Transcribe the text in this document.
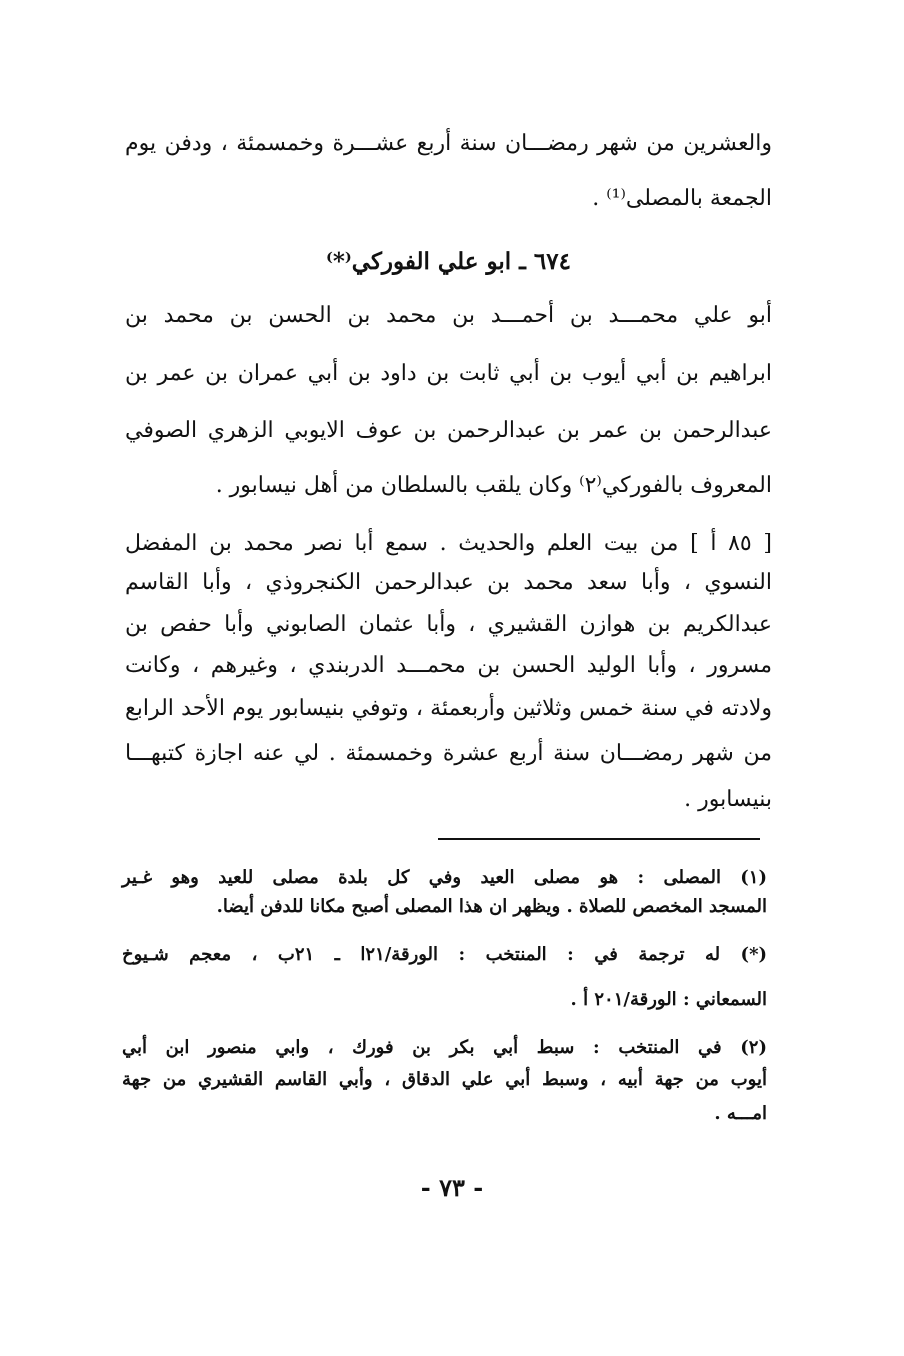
والعشرين من شهر رمضـــان سنة أربع عشـــرة وخمسمئة ، ودفن يوم
الجمعة بالمصلى⁽¹⁾ .
٦٧٤ ـ ابو علي الفوركي⁽*⁾
أبو علي محمـــد بن أحمـــد بن محمد بن الحسن بن محمد بن
ابراهيم بن أبي أيوب بن أبي ثابت بن داود بن أبي عمران بن عمر بن
عبدالرحمن بن عمر بن عبدالرحمن بن عوف الايوبي الزهري الصوفي
المعروف بالفوركي⁽٢⁾ وكان يلقب بالسلطان من أهل نيسابور .
[ ٨٥ أ ] من بيت العلم والحديث . سمع أبا نصر محمد بن المفضل
النسوي ، وأبا سعد محمد بن عبدالرحمن الكنجروذي ، وأبا القاسم
عبدالكريم بن هوازن القشيري ، وأبا عثمان الصابوني وأبا حفص بن
مسرور ، وأبا الوليد الحسن بن محمـــد الدربندي ، وغيرهم ، وكانت
ولادته في سنة خمس وثلاثين وأربعمئة ، وتوفي بنيسابور يوم الأحد الرابع
من شهر رمضـــان سنة أربع عشرة وخمسمئة . لي عنه اجازة كتبهـــا
بنيسابور .
(١) المصلى : هو مصلى العيد وفي كل بلدة مصلى للعيد وهو غـير
المسجد المخصص للصلاة . ويظهر ان هذا المصلى أصبح مكانا للدفن أيضا.
(*) له ترجمة في : المنتخب : الورقة/٢١ا ـ ٢١ب ، معجم شـيوخ
السمعاني : الورقة/٢٠١ أ .
(٢) في المنتخب : سبط أبي بكر بن فورك ، وابي منصور ابن أبي
أيوب من جهة أبيه ، وسبط أبي علي الدقاق ، وأبي القاسم القشيري من جهة
امـــه .
- ٧٣ -
